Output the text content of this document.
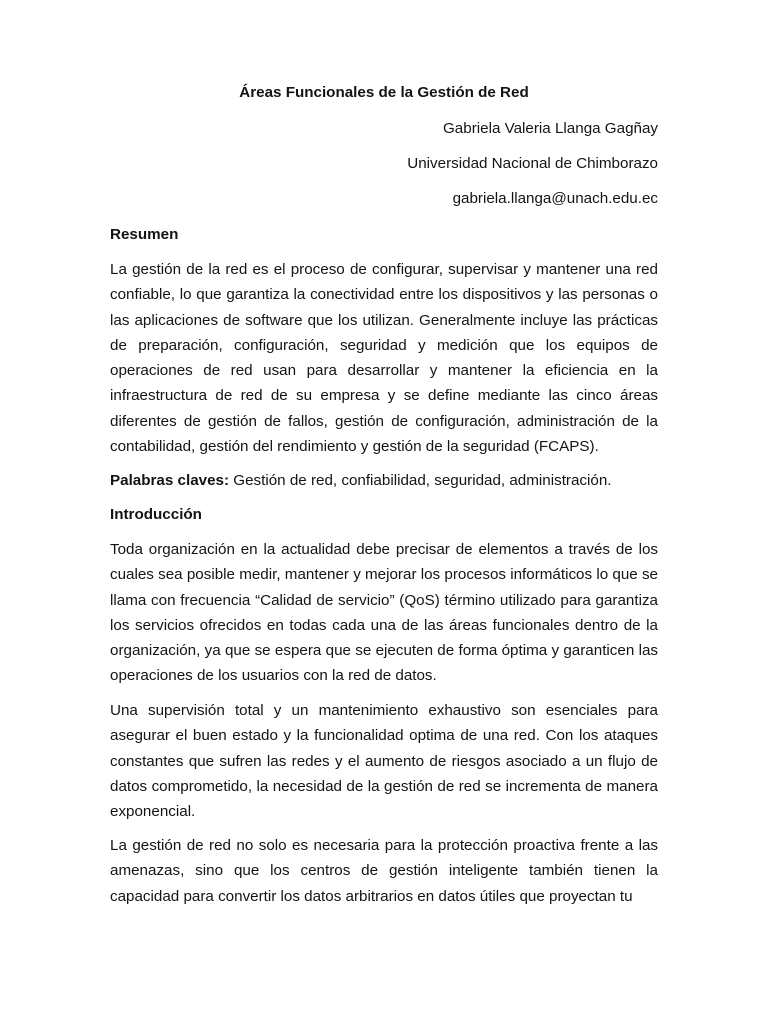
Áreas Funcionales de la Gestión de Red
Gabriela Valeria Llanga Gagñay
Universidad Nacional de Chimborazo
gabriela.llanga@unach.edu.ec
Resumen

La gestión de la red es el proceso de configurar, supervisar y mantener una red confiable, lo que garantiza la conectividad entre los dispositivos y las personas o las aplicaciones de software que los utilizan. Generalmente incluye las prácticas de preparación, configuración, seguridad y medición que los equipos de operaciones de red usan para desarrollar y mantener la eficiencia en la infraestructura de red de su empresa y se define mediante las cinco áreas diferentes de gestión de fallos, gestión de configuración, administración de la contabilidad, gestión del rendimiento y gestión de la seguridad (FCAPS).

Palabras claves: Gestión de red, confiabilidad, seguridad, administración.

Introducción

Toda organización en la actualidad debe precisar de elementos a través de los cuales sea posible medir, mantener y mejorar los procesos informáticos lo que se llama con frecuencia “Calidad de servicio” (QoS) término utilizado para garantiza los servicios ofrecidos en todas cada una de las áreas funcionales dentro de la organización, ya que se espera que se ejecuten de forma óptima y garanticen las operaciones de los usuarios con la red de datos.

Una supervisión total y un mantenimiento exhaustivo son esenciales para asegurar el buen estado y la funcionalidad optima de una red. Con los ataques constantes que sufren las redes y el aumento de riesgos asociado a un flujo de datos comprometido, la necesidad de la gestión de red se incrementa de manera exponencial.

La gestión de red no solo es necesaria para la protección proactiva frente a las amenazas, sino que los centros de gestión inteligente también tienen la capacidad para convertir los datos arbitrarios en datos útiles que proyectan tu
